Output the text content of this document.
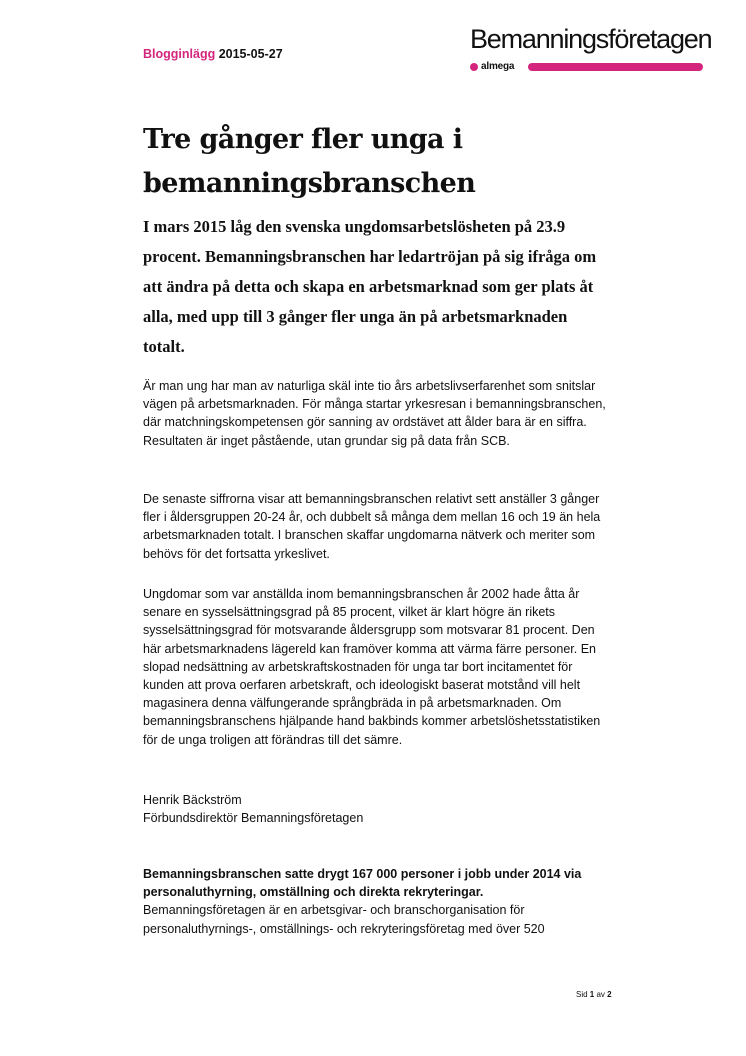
Blogginlägg 2015-05-27	Bemanningsföretagen
almega
Tre gånger fler unga i bemanningsbranschen

I mars 2015 låg den svenska ungdomsarbetslösheten på 23.9 procent. Bemanningsbranschen har ledartröjan på sig ifråga om att ändra på detta och skapa en arbetsmarknad som ger plats åt alla, med upp till 3 gånger fler unga än på arbetsmarknaden totalt.

Är man ung har man av naturliga skäl inte tio års arbetslivserfarenhet som snitslar vägen på arbetsmarknaden. För många startar yrkesresan i bemanningsbranschen, där matchningskompetensen gör sanning av ordstävet att ålder bara är en siffra. Resultaten är inget påstående, utan grundar sig på data från SCB.

De senaste siffrorna visar att bemanningsbranschen relativt sett anställer 3 gånger fler i åldersgruppen 20-24 år, och dubbelt så många dem mellan 16 och 19 än hela arbetsmarknaden totalt. I branschen skaffar ungdomarna nätverk och meriter som behövs för det fortsatta yrkeslivet.

Ungdomar som var anställda inom bemanningsbranschen år 2002 hade åtta år senare en sysselsättningsgrad på 85 procent, vilket är klart högre än rikets sysselsättningsgrad för motsvarande åldersgrupp som motsvarar 81 procent. Den här arbetsmarknadens lägereld kan framöver komma att värma färre personer. En slopad nedsättning av arbetskraftskostnaden för unga tar bort incitamentet för kunden att prova oerfaren arbetskraft, och ideologiskt baserat motstånd vill helt magasinera denna välfungerande språngbräda in på arbetsmarknaden. Om bemanningsbranschens hjälpande hand bakbinds kommer arbetslöshetsstatistiken för de unga troligen att förändras till det sämre.

Henrik Bäckström
Förbundsdirektör Bemanningsföretagen
Bemanningsbranschen satte drygt 167 000 personer i jobb under 2014 via personaluthyrning, omställning och direkta rekryteringar.
Bemanningsföretagen är en arbetsgivar- och branschorganisation för personaluthyrnings-, omställnings- och rekryteringsföretag med över 520
Sid 1 av 2
